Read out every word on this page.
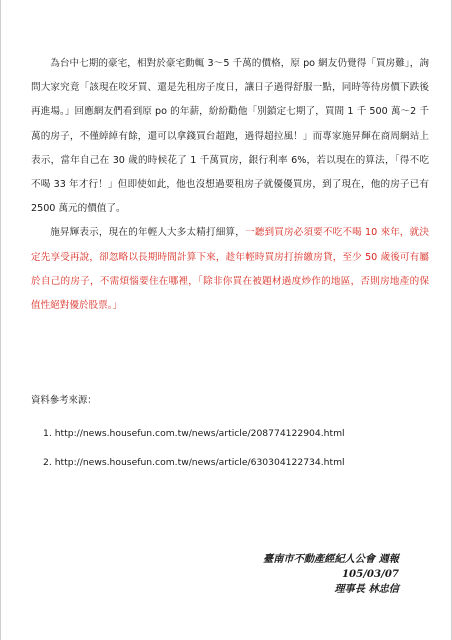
為台中七期的豪宅，相對於豪宅動輒 3～5 千萬的價格，原 po 網友仍覺得「買房難」，詢問大家究竟「該現在咬牙買、還是先租房子度日，讓日子過得舒服一點，同時等待房價下跌後再進場。」回應網友們看到原 po 的年薪，紛紛勸他「別鎖定七期了，買間 1 千 500 萬～2 千萬的房子，不僅綽綽有餘，還可以拿錢買台超跑，過得超拉風！」而專家施昇輝在商周網站上表示，當年自己在 30 歲的時候花了 1 千萬買房，銀行利率 6%，若以現在的算法，「得不吃不喝 33 年才行！」但即使如此，他也沒想過要租房子就優優買房，到了現在，他的房子已有 2500 萬元的價值了。

施昇輝表示，現在的年輕人大多太精打細算，一聽到買房必須要不吃不喝 10 來年，就決定先享受再說，卻忽略以長期時間計算下來，趁年輕時買房打拚繳房貸，至少 50 歲後可有屬於自己的房子，不需煩惱要住在哪裡，「除非你買在被題材過度炒作的地區，否則房地產的保值性絕對優於股票。」

資料參考來源：

1. http://news.housefun.com.tw/news/article/208774122904.html
2. http://news.housefun.com.tw/news/article/630304122734.html
臺南市不動產經紀人公會 週報
105/03/07
理事長 林忠信
